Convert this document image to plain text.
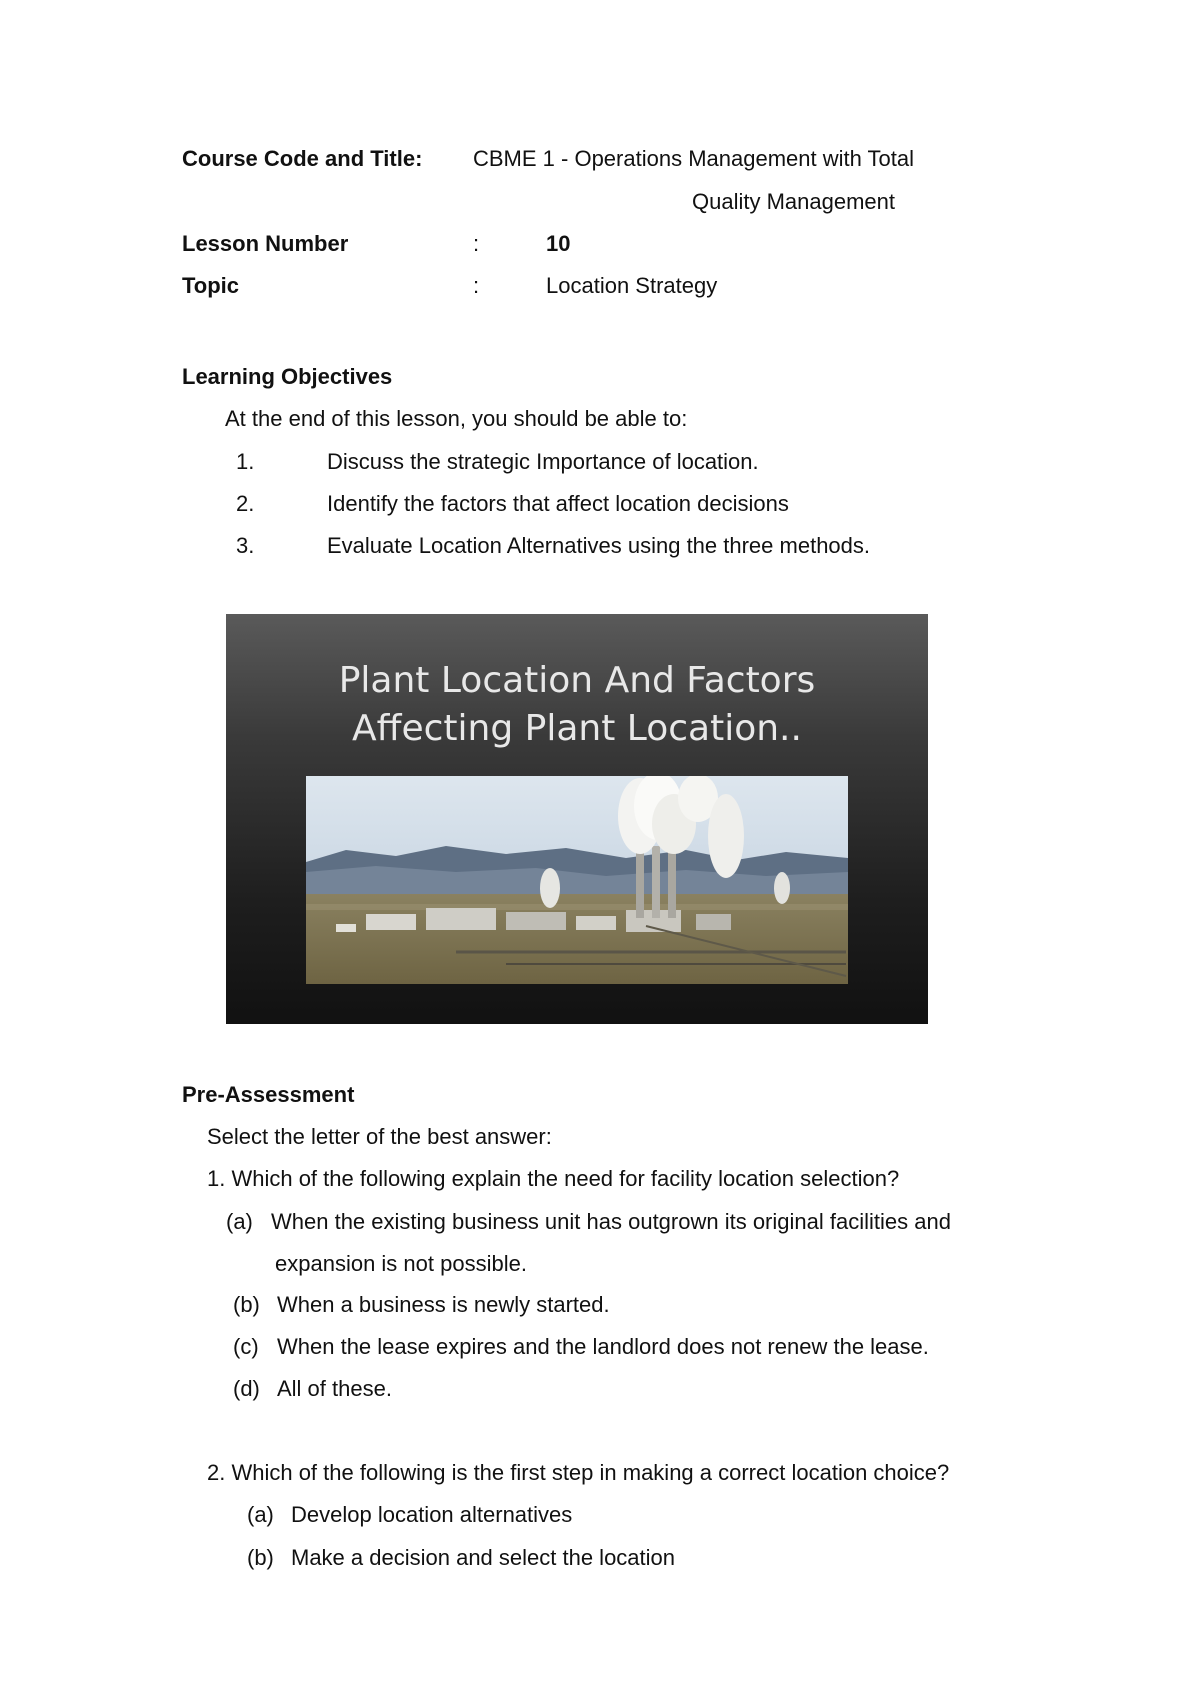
Course Code and Title: CBME 1 - Operations Management with Total
Quality Management
Lesson Number	:	10
Topic	:	Location Strategy
Learning Objectives
At the end of this lesson, you should be able to:
1.	Discuss the strategic Importance of location.
2.	Identify the factors that affect location decisions
3.	Evaluate Location Alternatives using the three methods.
Plant Location And Factors
Affecting Plant Location..
Pre-Assessment
Select the letter of the best answer:
1. Which of the following explain the need for facility location selection?
(a) When the existing business unit has outgrown its original facilities and
expansion is not possible.
(b) When a business is newly started.
(c) When the lease expires and the landlord does not renew the lease.
(d) All of these.
2. Which of the following is the first step in making a correct location choice?
(a) Develop location alternatives
(b) Make a decision and select the location
